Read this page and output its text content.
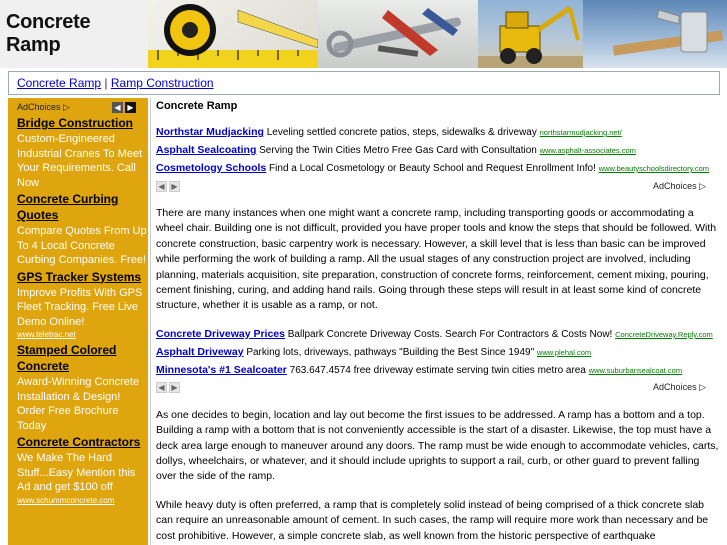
Concrete Ramp
Concrete Ramp | Ramp Construction
AdChoices ▷	◀ ▶
Bridge Construction
Custom-Engineered Industrial Cranes To Meet Your Requirements. Call Now
Concrete Curbing Quotes
Compare Quotes From Up To 4 Local Concrete Curbing Companies. Free!
GPS Tracker Systems
Improve Profits With GPS Fleet Tracking. Free Live Demo Online!
www.teletrac.net
Stamped Colored Concrete
Award-Winning Concrete Installation & Design! Order Free Brochure Today
Concrete Contractors
We Make The Hard Stuff...Easy Mention this Ad and get $100 off
www.schummconcrete.com
Concrete Ramp
Northstar Mudjacking Leveling settled concrete patios, steps, sidewalks & driveway northstarmudjacking.net/
Asphalt Sealcoating Serving the Twin Cities Metro Free Gas Card with Consultation www.asphalt-associates.com
Cosmetology Schools Find a Local Cosmetology or Beauty School and Request Enrollment Info! www.beautyschoolsdirectory.com
◀ ▶	AdChoices ▷

There are many instances when one might want a concrete ramp, including transporting goods or accommodating a wheel chair. Building one is not difficult, provided you have proper tools and know the steps that should be followed. With concrete construction, basic carpentry work is necessary. However, a skill level that is less than basic can be improved while performing the work of building a ramp. All the usual stages of any construction project are involved, including planning, materials acquisition, site preparation, construction of concrete forms, reinforcement, cement mixing, pouring, cement finishing, curing, and adding hand rails. Going through these steps will result in at least some kind of concrete structure, whether it is usable as a ramp, or not.

Concrete Driveway Prices Ballpark Concrete Driveway Costs. Search For Contractors & Costs Now! ConcreteDriveway.Reply.com
Asphalt Driveway Parking lots, driveways, pathways "Building the Best Since 1949" www.plehal.com
Minnesota's #1 Sealcoater 763.647.4574 free driveway estimate serving twin cities metro area www.suburbansealcoat.com
◀ ▶	AdChoices ▷

As one decides to begin, location and lay out become the first issues to be addressed. A ramp has a bottom and a top. Building a ramp with a bottom that is not conveniently accessible is the start of a disaster. Likewise, the top must have a deck area large enough to maneuver around any doors. The ramp must be wide enough to accommodate vehicles, carts, dollys, wheelchairs, or whatever, and it should include uprights to support a rail, curb, or other guard to prevent falling over the side of the ramp.

While heavy duty is often preferred, a ramp that is completely solid instead of being comprised of a thick concrete slab can require an unreasonable amount of cement. In such cases, the ramp will require more work than necessary and be cost prohibitive. However, a simple concrete slab, as well known from the historic perspective of earthquake
